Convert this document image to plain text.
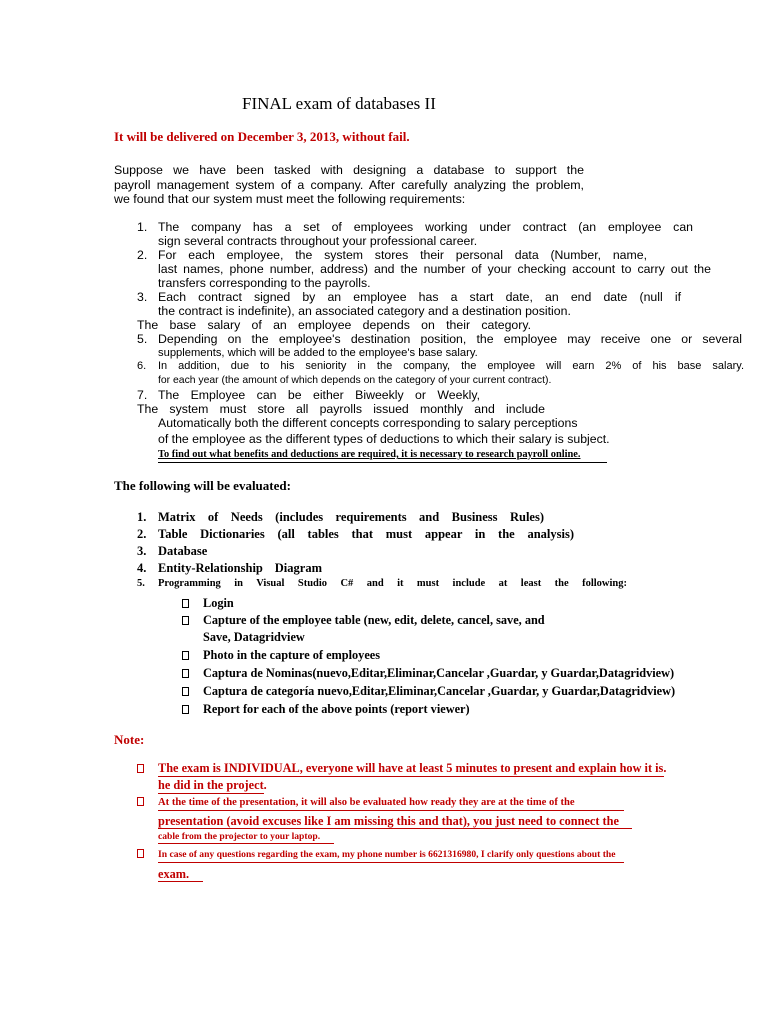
FINAL exam of databases II
It will be delivered on December 3, 2013, without fail.
Suppose we have been tasked with designing a database to support the
payroll management system of a company. After carefully analyzing the problem,
we found that our system must meet the following requirements:
1. The company has a set of employees working under contract (an employee can
sign several contracts throughout your professional career.
2. For each employee, the system stores their personal data (Number, name,
last names, phone number, address) and the number of your checking account to carry out the
transfers corresponding to the payrolls.
3. Each contract signed by an employee has a start date, an end date (null if
the contract is indefinite), an associated category and a destination position.
The base salary of an employee depends on their category.
5. Depending on the employee's destination position, the employee may receive one or several
supplements, which will be added to the employee's base salary.
6.	In addition, due to his seniority in the company, the employee will earn 2% of his base salary.
for each year (the amount of which depends on the category of your current contract).
7. The Employee can be either Biweekly or Weekly,
The system must store all payrolls issued monthly and include
Automatically both the different concepts corresponding to salary perceptions
of the employee as the different types of deductions to which their salary is subject.
To find out what benefits and deductions are required, it is necessary to research payroll online.
The following will be evaluated:
1. Matrix of Needs (includes requirements and Business Rules)
2. Table Dictionaries (all tables that must appear in the analysis)
3. Database
4. Entity-Relationship Diagram
5.	Programming in Visual Studio C# and it must include at least the following:
Login
Capture of the employee table (new, edit, delete, cancel, save, and
Save, Datagridview
Photo in the capture of employees
Captura de Nominas(nuevo,Editar,Eliminar,Cancelar ,Guardar, y Guardar,Datagridview)
Captura de categoría nuevo,Editar,Eliminar,Cancelar ,Guardar, y Guardar,Datagridview)
Report for each of the above points (report viewer)
Note:
The exam is INDIVIDUAL, everyone will have at least 5 minutes to present and explain how it is.
he did in the project.
At the time of the presentation, it will also be evaluated how ready they are at the time of the
presentation (avoid excuses like I am missing this and that), you just need to connect the
cable from the projector to your laptop.
In case of any questions regarding the exam, my phone number is 6621316980, I clarify only questions about the
exam.
